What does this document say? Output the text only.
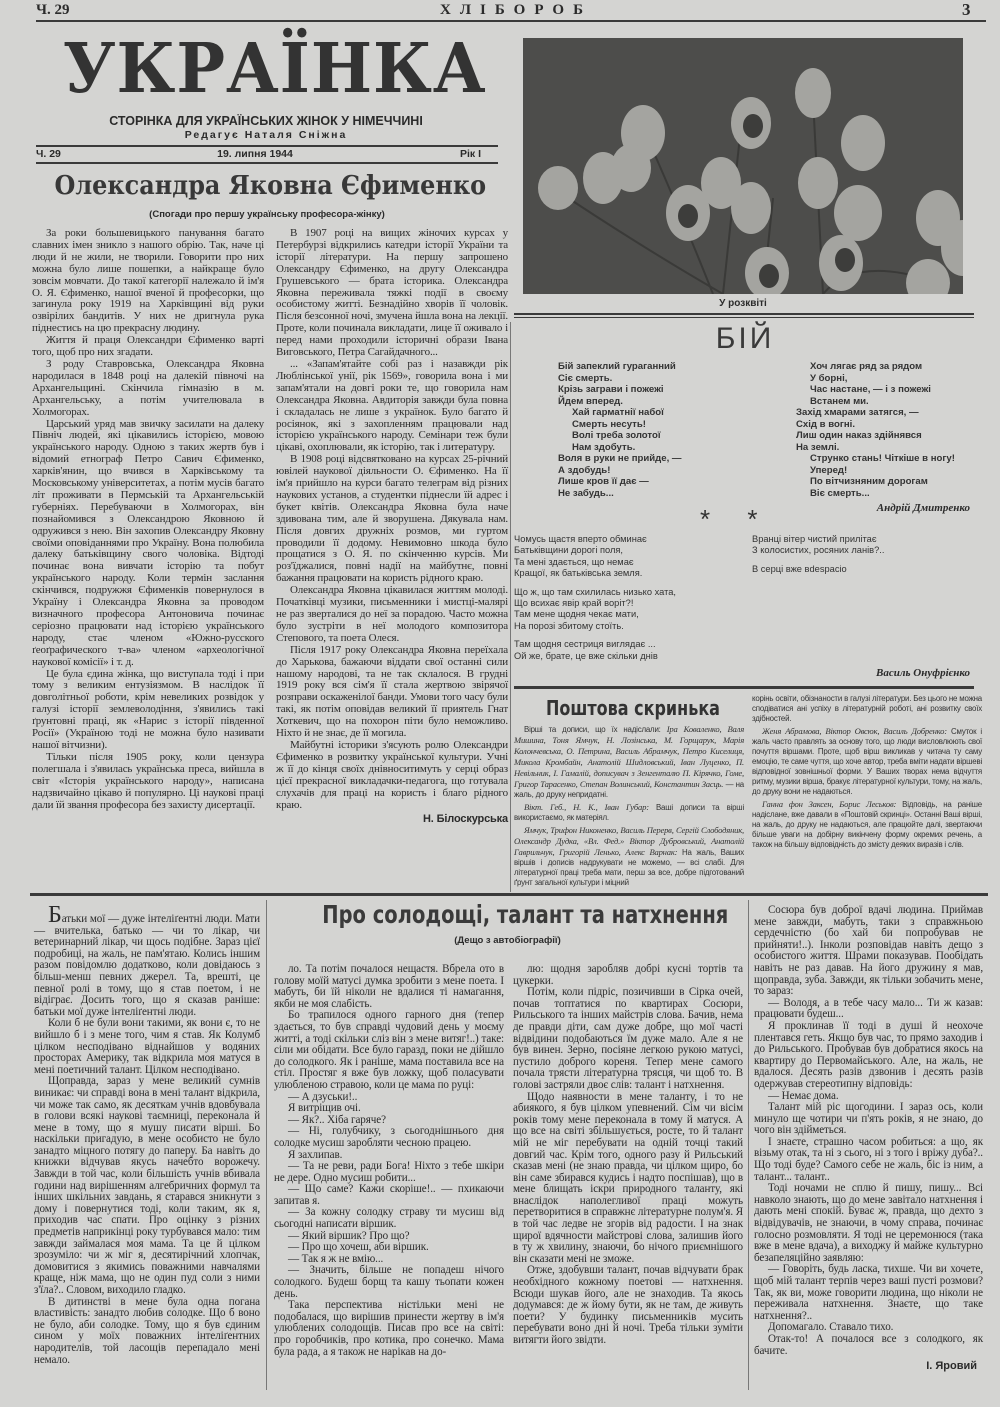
Ч. 29	ХЛІБОРОБ	3
УКРАЇНКА
СТОРІНКА ДЛЯ УКРАЇНСЬКИХ ЖІНОК У НІМЕЧЧИНІ
Редагує Наталя Сніжна
Ч. 29	19. липня 1944	Рік I
Олександра Яковна Єфименко
(Спогади про першу українську професора-жінку)

За роки большевицького панування багато славних імен зникло з нашого обрію. Так, наче ці люди й не жили, не творили. Говорити про них можна було лише пошепки, а найкраще було зовсім мовчати. До такої категорії належало й ім'я О. Я. Єфименко, нашої вченої й професорки, що загинула року 1919 на Харківщині від руки озвірілих бандитів. У них не дригнула рука піднестись на цю прекрасну людину.

Життя й праця Олександри Єфименко варті того, щоб про них згадати.

З роду Ставровська, Олександра Яковна народилася в 1848 році на далекій півночі на Архангельщині. Скінчила гімназію в м. Архангельську, а потім учителювала в Холмогорах.

Царський уряд мав звичку засилати на далеку Північ людей, які цікавились історією, мовою українського народу. Одною з таких жертв був і відомий етнограф Петро Савич Єфименко, харків'янин, що вчився в Харківському та Московському університетах, а потім мусів багато літ проживати в Пермській та Архангельській губерніях. Перебуваючи в Холмогорах, він познайомився з Олександрою Яковною й одружився з нею. Він захопив Олександру Яковну своїми оповіданнями про Україну. Вона полюбила далеку батьківщину свого чоловіка. Відтоді починає вона вивчати історію та побут українського народу. Коли термін заслання скінчився, подружжя Єфименків повернулося в Україну і Олександра Яковна за проводом визначного професора Антоновича починає серіозно працювати над історією українського народу, стає членом «Южно-русского ґеоґрафического т-ва» членом «археологічної наукової комісії» і т. д.

Це була єдина жінка, що виступала тоді і при тому з великим ентузіязмом. В наслідок її довголітньої роботи, крім невеликих розвідок у галузі історії землеволодіння, з'явились такі ґрунтовні праці, як «Нарис з історії південної Росії» (Україною тоді не можна було називати нашої вітчизни).

Тільки після 1905 року, коли цензура полегшала і з'явилась українська преса, вийшла в світ «Історія українського народу», написана надзвичайно цікаво й популярно. Ці наукові праці дали їй звання професора без захисту дисертації.

В 1907 році на вищих жіночих курсах у Петербурзі відкрились катедри історії України та історії літератури. На першу запрошено Олександру Єфименко, на другу Олександра Грушевського — брата історика. Олександра Яковна переживала тяжкі події в своєму особистому житті. Безнадійно хворів її чоловік. Після безсонної ночі, змучена йшла вона на лекції. Проте, коли починала викладати, лице її оживало і перед нами проходили історичні образи Івана Виговського, Петра Сагайдачного...

... «Запам'ятайте собі раз і назавжди рік Люблінської унії, рік 1569», говорила вона і ми запам'ятали на довгі роки те, що говорила нам Олександра Яковна. Авдиторія завжди була повна і складалась не лише з українок. Було багато й росіянок, які з захопленням працювали над історією українського народу. Семінари теж були цікаві, охоплювали, як історію, так і литературу.

В 1908 році відсвятковано на курсах 25-річний ювілей наукової діяльности О. Єфименко. На її ім'я прийшло на курси багато телеграм від різних наукових установ, а студентки піднесли їй адрес і букет квітів. Олександра Яковна була наче здивована тим, але й зворушена. Дякувала нам. Після довгих дружніх розмов, ми гуртом проводили її додому. Невимовно шкода було прощатися з О. Я. по скінченню курсів. Ми роз'їджалися, повні надії на майбутнє, повні бажання працювати на користь рідного краю.

Олександра Яковна цікавилася життям молоді. Початківці музики, письменники і мистці-малярі не раз зверталися до неї за порадою. Часто можна було зустріти в неї молодого композитора Степового, та поета Олеся.

Після 1917 року Олександра Яковна переїхала до Харькова, бажаючи віддати свої останні сили нашому народові, та не так склалося. В грудні 1919 року вся сім'я її стала жертвою звірячої розправи оскаженілої банди. Умови того часу були такі, як потім оповідав великий її приятель Гнат Хоткевич, що на похорон піти було неможливо. Ніхто й не знає, де її могила.

Майбутні історики з'ясують ролю Олександри Єфименко в розвитку української культури. Учні ж її до кінця своїх днівноситимуть у серці образ цієї прекрасної викладачки-педагога, що готувала слухачів для праці на користь і благо рідного краю.

Н. Білоскурська
У розквіті
БІЙ
Бій запеклий гураганний
Сіє смерть.
Крізь заграви і пожежі
Йдем вперед.
Хай гарматнії набої
Смерть несуть!
Волі треба золотої
Нам здобуть.
Воля в руки не прийде, —
А здобудь!
Лише кров її дає —
Не забудь...
Хоч лягає ряд за рядом
У борні,
Час настане, — і з пожежі
Встанем ми.
Захід хмарами затягся, —
Схід в вогні.
Лиш один наказ здійнявся
На землі.
Струнко стань! Чіткіше в ногу!
Уперед!
По вітчизняним дорогам
Віє смерть...
Андрій Дмитренко
* *
Чомусь щастя вперто обминає
Батьківщини дорогі поля,
Та мені здається, що немає
Кращої, як батьківська земля.
Що ж, що там схилилась низько хата,
Що всихає явір край воріт?!
Там мене щодня чекає мати,
На порозі збитому стоїть.
Там щодня сестриця виглядає ...
Ой же, брате, це вже скільки днів
Вранці вітер чистий прилітає
З колосистих, росяних ланів?..
В серці вже вdespacio
Василь Онуфрієнко
Поштова скринька

Вірші та дописи, що їх надіслали: Іра Коваленко, Валя Мишина, Тоня Ямчук, Н. Лозінська, М. Горщарук, Марія Колончевська, О. Петрина, Василь Абрамчук, Петро Киселиця, Микола Кромбайн, Анатолій Шидловський, Іван Луценко, П. Невільник, І. Гамалій, дописувач з Зенгенталю П. Кірячко, Гоме, Григор Тарасенко, Степан Волинський, Константин Засць. — на жаль, до друку непридатні.

Вікт. Геб., Н. К., Іван Губар: Ваші дописи та вірші використаємо, як матеріял.

Ямчук, Трифон Никоненко, Василь Перерв, Сергій Слободяник, Олександр Дудка, «Вл. Фед.» Віктор Дубровський, Анатолій Гаврильчук, Григорій Ленько, Алекс Варнак: На жаль, Ваших віршів і дописів надрукувати не можемо, — всі слабі. Для літературної праці треба мати, перш за все, добре підготований ґрунт загальної культури і міцний

корінь освіти, обізнаности в галузі літератури. Без цього не можна сподіватися ані успіху в літературній роботі, ані розвитку своїх здібностей.

Женя Абрамова, Віктор Овсюк, Василь Добренко: Смуток і жаль часто правлять за основу того, що люди висловлюють свої почуття віршами. Проте, щоб вірш викликав у читача ту саму емоцію, те саме чуття, що хоче автор, треба вміти надати віршеві відповідної зовнішньої форми. У Ваших творах нема відчуття ритму, музики вірша, бракує літературної культури, тому, на жаль, до друку вони не надаються.

Ганна фон Заксен, Борис Леськов: Відповідь, на раніше надіслане, вже давали в «Поштовій скринці». Останні Ваші вірші, на жаль, до друку не надаються, але працюйте далі, звертаючи більше уваги на добірну викінчену форму окремих речень, а також на більшу відповідність до змісту деяких виразів і слів.

Про солодощі, талант та натхнення
(Дещо з автобіографії)

Батьки мої — дуже інтеліґентні люди. Мати — вчителька, батько — чи то лікар, чи ветеринарний лікар, чи щось подібне. Зараз цієї подробиці, на жаль, не пам'ятаю. Колись іншим разом повідомлю додатково, коли довідаюсь з більш-менш певних джерел. Та, врешті, це певної ролі в тому, що я став поетом, і не відіграє. Досить того, що я сказав раніше: батьки мої дуже інтеліґентні люди.

Коли б не були вони такими, як вони є, то не вийшло б і з мене того, чим я став. Як Колумб цілком несподівано віднайшов у водяних просторах Америку, так відкрила моя матуся в мені поетичний талант. Цілком несподівано.

Щоправда, зараз у мене великий сумнів виникає: чи справді вона в мені талант відкрила, чи може так само, як десяткам учнів вдовбувала в голови всякі наукові таємниці, переконала й мене в тому, що я мушу писати вірші. Бо наскільки пригадую, в мене особисто не було занадто міцного потягу до паперу. Ба навіть до книжки відчував якусь начебто ворожечу. Завжди в той час, коли більшість учнів вбивала години над вирішенням алгебричних формул та інших шкільних завдань, я старався зникнути з дому і повернутися тоді, коли таким, як я, приходив час спати. Про оцінку з різних предметів наприкінці року турбувався мало: тим завжди займалася моя мама. Та це й цілком зрозуміло: чи ж міг я, десятирічний хлопчак, домовитися з якимись поважними навчалями краще, ніж мама, що не один пуд соли з ними з'їла?.. Словом, виходило гладко.

В дитинстві в мене була одна погана властивість: занадто любив солодке. Що б воно не було, аби солодке. Тому, що я був єдиним сином у моїх поважних інтеліґентних народителів, той ласощів перепадало мені немало.

ло. Та потім почалося нещастя. Вбрела ото в голову моїй матусі думка зробити з мене поета. І мабуть, би їй ніколи не вдалися ті намагання, якби не моя слабість.

Бо трапилося одного гарного дня (тепер здається, то був справді чудовий день у моєму житті, а тоді скільки сліз він з мене витяг!..) таке: сіли ми обідати. Все було гаразд, поки не дійшло до солодкого. Як і раніше, мама поставила все на стіл. Простяг я вже був ложку, щоб поласувати улюбленою стравою, коли це мама по руці:

— А дзуськи!..

Я витріщив очі.

— Як?.. Хіба гаряче?

— Ні, голубчику, з сьогоднішнього дня солодке мусиш заробляти чесною працею.

Я захлипав.

— Та не реви, ради Бога! Ніхто з тебе шкіри не дере. Одно мусиш робити...

— Що саме? Кажи скоріше!.. — пхикаючи запитав я.

— За кожну солодку страву ти мусиш від сьогодні написати віршик.

— Який віршик? Про що?

— Про що хочеш, аби віршик.

— Так я ж не вмію...

— Значить, більше не попадеш нічого солодкого. Будеш борщ та кашу тьопати кожен день.

Така перспектива ністільки мені не подобалася, що вирішив принести жертву в ім'я улюблених солодощів. Писав про все на світі: про горобчиків, про котика, про сонечко. Мама була рада, а я також не нарікав на до-

лю: щодня заробляв добрі кусні тортів та цукерки.

Потім, коли підріс, позичивши в Сірка очей, почав топтатися по квартирах Сосюри, Рильського та інших майстрів слова. Бачив, нема де правди діти, сам дуже добре, що мої часті відвідини подобаються їм дуже мало. Але я не був винен. Зерно, посіяне легкою рукою матусі, пустило доброго кореня. Тепер мене самого почала трясти літературна трясця, чи щоб то. В голові застряли двоє слів: талант і натхнення.

Щодо наявности в мене таланту, і то не абиякого, я був цілком упевнений. Сім чи вісім років тому мене переконала в тому й матуся. А що все на світі збільшується, росте, то й талант мій не міг перебувати на одній точці такий довгий час. Крім того, одного разу й Рильський сказав мені (не знаю правда, чи цілком щиро, бо він саме збирався кудись і надто поспішав), що в мене блищать іскри природного таланту, які внаслідок наполегливої праці можуть перетворитися в справжнє літературне полум'я. Я в той час ледве не згорів від радости. І на знак щирої вдячности майстрові слова, залишив його в ту ж хвилину, знаючи, бо нічого приємнішого він сказати мені не зможе.

Отже, здобувши талант, почав відчувати брак необхідного кожному поетові — натхнення. Всюди шукав його, але не знаходив. Та якось додумався: де ж йому бути, як не там, де живуть поети? У будинку письменників мусить перебувати воно дні й ночі. Треба тільки зуміти витягти його звідти.

Сосюра був доброї вдачі людина. Приймав мене завжди, мабуть, таки з справжньою сердечністю (бо хай би попробував не прийняти!..). Інколи розповідав навіть дещо з особистого життя. Шрами показував. Пообідать навіть не раз давав. На його дружину я мав, щоправда, зуба. Завжди, як тільки зобачить мене, то зараз:

— Володя, а в тебе часу мало... Ти ж казав: працювати будеш...

Я проклинав її тоді в душі й неохоче плентався геть. Якщо був час, то прямо заходив і до Рильського. Пробував був добратися якось на квартиру до Первомайського. Але, на жаль, не вдалося. Десять разів дзвонив і десять разів одержував стереотипну відповідь:

— Немає дома.

Талант мій ріс щогодини. І зараз ось, коли минуло ще чотири чи п'ять років, я не знаю, до чого він здійметься.

І знаєте, страшно часом робиться: а що, як візьму отак, та ні з сього, ні з того і вріжу дуба?.. Що тоді буде? Самого себе не жаль, біс із ним, а талант... талант..

Тоді ночами не сплю й пишу, пишу... Всі навколо знають, що до мене завітало натхнення і дають мені спокій. Буває ж, правда, що дехто з відвідувачів, не знаючи, в чому справа, починає голосно розмовляти. Я тоді не церемонюся (така вже в мене вдача), а виходжу й майже культурно безапеляційно заявляю:

— Говоріть, будь ласка, тихше. Чи ви хочете, щоб мій талант терпів через ваші пусті розмови? Так, як ви, може говорити людина, що ніколи не переживала натхнення. Знаєте, що таке натхнення?..

Допомагало. Ставало тихо.

Отак-то! А почалося все з солодкого, як бачите.

І. Яровий
